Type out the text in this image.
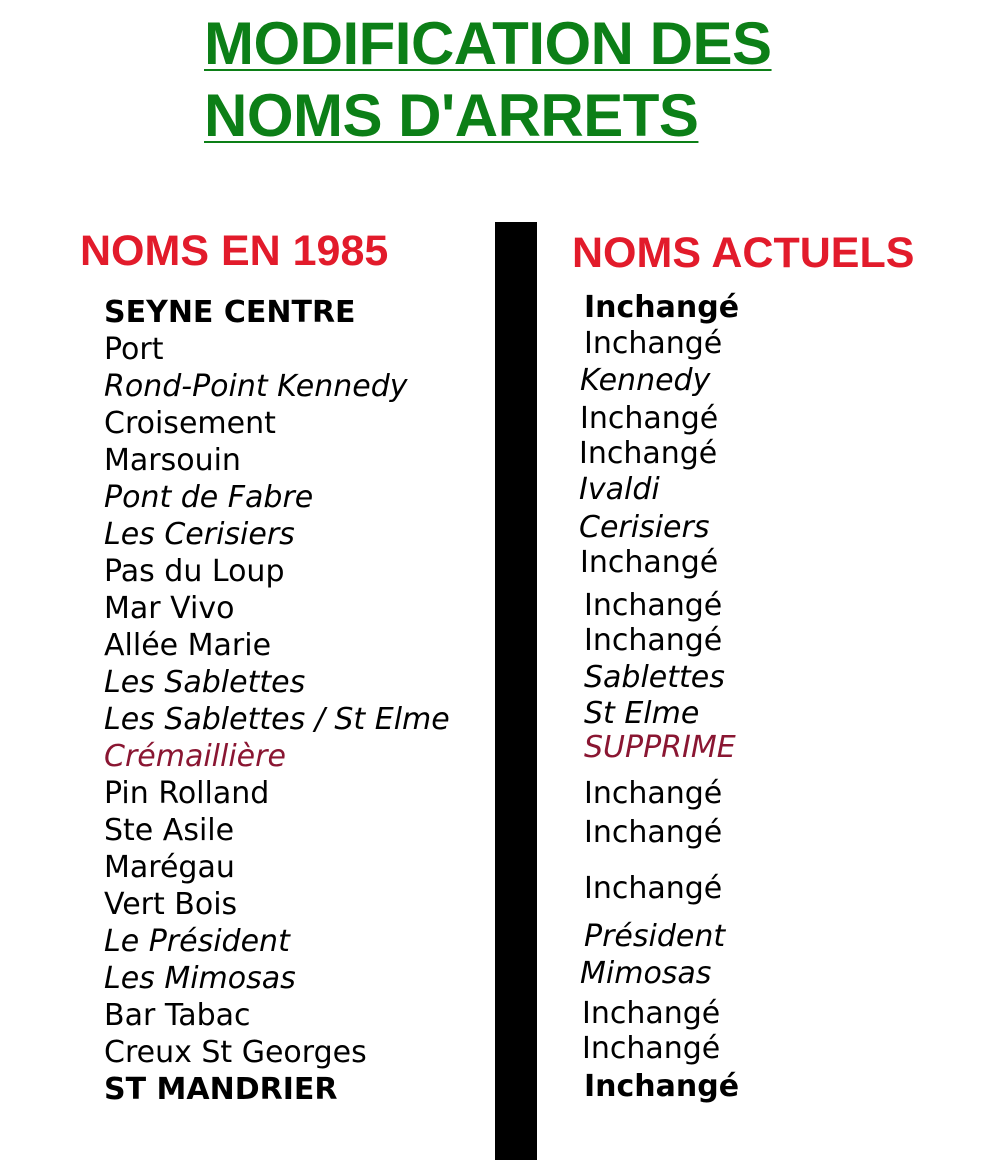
MODIFICATION DES
NOMS D'ARRETS
NOMS EN 1985	NOMS ACTUELS
SEYNE CENTRE
Port
Rond-Point Kennedy
Croisement
Marsouin
Pont de Fabre
Les Cerisiers
Pas du Loup
Mar Vivo
Allée Marie
Les Sablettes
Les Sablettes / St Elme
Crémaillière
Pin Rolland
Ste Asile
Marégau
Vert Bois
Le Président
Les Mimosas
Bar Tabac
Creux St Georges
ST MANDRIER
Inchangé
Inchangé
Kennedy
Inchangé
Inchangé
Ivaldi
Cerisiers
Inchangé
Inchangé
Inchangé
Sablettes
St Elme
SUPPRIME
Inchangé
Inchangé
Inchangé
Président
Mimosas
Inchangé
Inchangé
Inchangé
